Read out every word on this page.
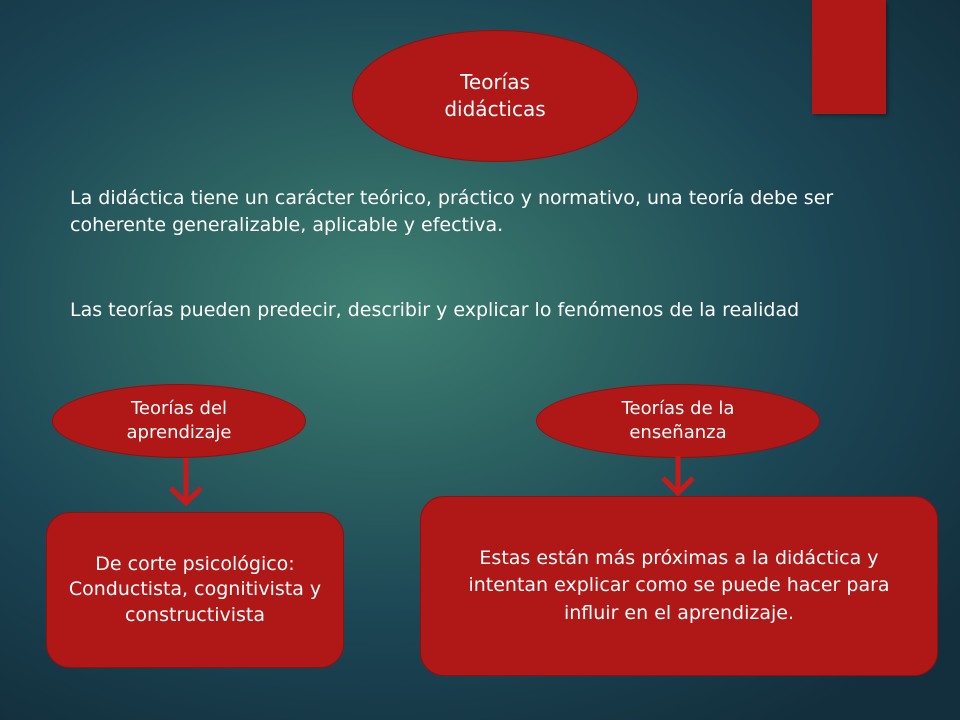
Teorías didácticas
La didáctica tiene un carácter teórico, práctico y normativo, una teoría debe ser coherente generalizable, aplicable y efectiva.
Las teorías pueden predecir, describir y explicar lo fenómenos de la realidad
Teorías del aprendizaje
Teorías de la enseñanza
De corte psicológico: Conductista, cognitivista y constructivista
Estas están más próximas a la didáctica y intentan explicar como se puede hacer para influir en el aprendizaje.
